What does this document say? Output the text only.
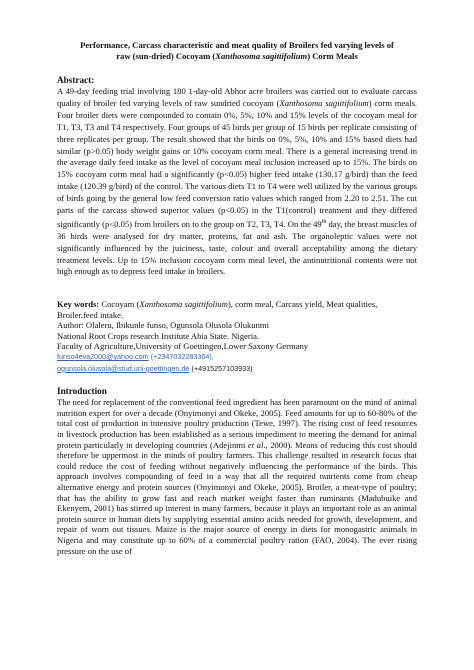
Performance, Carcass characteristic and meat quality of Broilers fed varying levels of
raw (sun-dried) Cocoyam (Xanthosoma sagittifolium) Corm Meals

Abstract:

A 49-day feeding trial involving 180 1-day-old Abhor acre broilers was carried out to evaluate carcass quality of broiler fed varying levels of raw sundried cocoyam (Xanthosoma sagittifolium) corm meals. Four broiler diets were compounded to contain 0%, 5%, 10% and 15% levels of the cocoyam meal for T1, T3, T3 and T4 respectively. Four groups of 45 birds per group of 15 birds per replicate consisting of three replicates per group. The result showed that the birds on 0%, 5%, 10% and 15% based diets had similar (p>0.05) body weight gains or 10% cocoyam corm meal. There is a general increasing trend in the average daily feed intake as the level of cocoyam meal inclusion increased up to 15%. The birds on 15% cocoyam corm meal had a significantly (p<0.05) higher feed intake (130.17 g/bird) than the feed intake (120.39 g/bird) of the control. The various diets T1 to T4 were well utilized by the various groups of birds going by the general low feed conversion ratio values which ranged from 2.20 to 2.51. The cut parts of the carcass showed superior values (p<0.05) in the T1(control) treatment and they differed significantly (p<0.05) from broilers on to the group on T2, T3, T4. On the 49th day, the breast muscles of 36 birds were analysed for dry matter, proteins, fat and ash. The organoleptic values were not significantly influenced by the juiciness, taste, colour and overall acceptability among the dietary treatment levels. Up to 15% inclusion cocoyam corm meal level, the antinutritional contents were not high enough as to depress feed intake in broilers.

Key words: Cocoyam (Xanthosoma sagittifolium), corm meal, Carcass yield, Meat qualities, Broiler.feed intake.

Author: Olaleru, Ibikunle funso, Ogunsola Olusola Olukunmi

National Root Crops research Institute Abia State. Nigeria.

Faculty of Agriculture,University of Goettingen,Lower Saxony Germany

funso4eva2000@yahoo.com (+2347032283364),

ogunsola.olusola@stud.uni-goettingen.de (+4915257103933)

Introduction

The need for replacement of the conventional feed ingredient has been paramount on the mind of animal nutrition expert for over a decade (Onyimonyi and Okeke, 2005). Feed amounts for up to 60-80% of the total cost of production in intensive poultry production (Tewe, 1997). The rising cost of feed resources in livestock production has been established as a serious impediment to meeting the demand for animal protein particularly in developing countries (Adejinmi et al., 2000). Means of reducing this cost should therefore be uppermost in the minds of poultry farmers. This challenge resulted in research focus that could reduce the cost of feeding without negatively influencing the performance of the birds. This approach involves compounding of feed in a way that all the required nutrients come from cheap alternative energy and protein sources (Onyimonyi and Okeke, 2005). Broiler, a meat-type of poultry; that has the ability to grow fast and reach market weight faster than ruminants (Madubuike and Ekenyem, 2001) has stirred up interest in many farmers, because it plays an important role as an animal protein source in human diets by supplying essential amino acids needed for growth, development, and repair of worn out tissues. Maize is the major source of energy in diets for monogastric animals in Nigeria and may constitute up to 60% of a commercial poultry ration (FAO, 2004). The ever rising pressure on the use of
